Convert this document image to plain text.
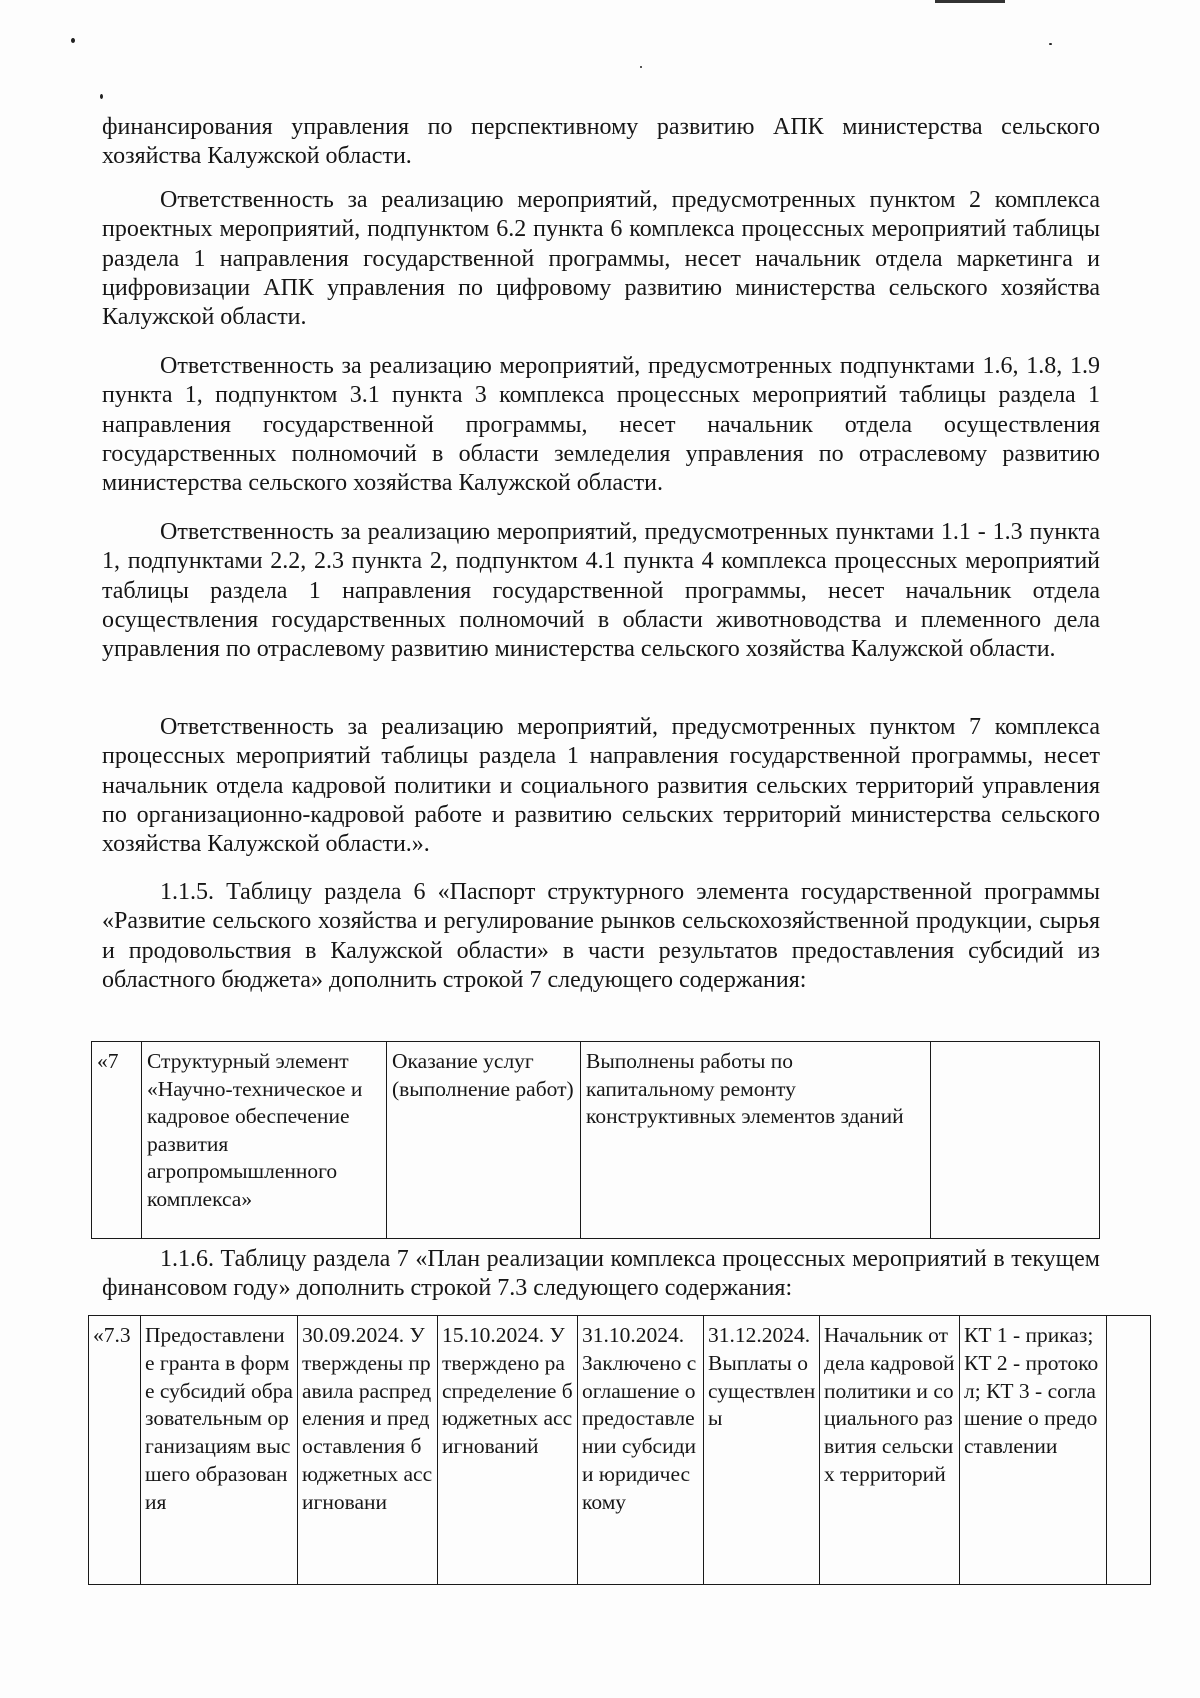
финансирования управления по перспективному развитию АПК министерства сельского хозяйства Калужской области.

Ответственность за реализацию мероприятий, предусмотренных пунктом 2 комплекса проектных мероприятий, подпунктом 6.2 пункта 6 комплекса процессных мероприятий таблицы раздела 1 направления государственной программы, несет начальник отдела маркетинга и цифровизации АПК управления по цифровому развитию министерства сельского хозяйства Калужской области.

Ответственность за реализацию мероприятий, предусмотренных подпунктами 1.6, 1.8, 1.9 пункта 1, подпунктом 3.1 пункта 3 комплекса процессных мероприятий таблицы раздела 1 направления государственной программы, несет начальник отдела осуществления государственных полномочий в области земледелия управления по отраслевому развитию министерства сельского хозяйства Калужской области.

Ответственность за реализацию мероприятий, предусмотренных пунктами 1.1 - 1.3 пункта 1, подпунктами 2.2, 2.3 пункта 2, подпунктом 4.1 пункта 4 комплекса процессных мероприятий таблицы раздела 1 направления государственной программы, несет начальник отдела осуществления государственных полномочий в области животноводства и племенного дела управления по отраслевому развитию министерства сельского хозяйства Калужской области.

Ответственность за реализацию мероприятий, предусмотренных пунктом 7 комплекса процессных мероприятий таблицы раздела 1 направления государственной программы, несет начальник отдела кадровой политики и социального развития сельских территорий управления по организационно-кадровой работе и развитию сельских территорий министерства сельского хозяйства Калужской области.».

1.1.5. Таблицу раздела 6 «Паспорт структурного элемента государственной программы «Развитие сельского хозяйства и регулирование рынков сельскохозяйственной продукции, сырья и продовольствия в Калужской области» в части результатов предоставления субсидий из областного бюджета» дополнить строкой 7 следующего содержания:

«7	Структурный элемент «Научно-техническое и кадровое обеспечение развития агропромышленного комплекса»	Оказание услуг (выполнение работ)	Выполнены работы по капитальному ремонту конструктивных элементов зданий	

1.1.6. Таблицу раздела 7 «План реализации комплекса процессных мероприятий в текущем финансовом году» дополнить строкой 7.3 следующего содержания:

«7.3	Предоставление гранта в форме субсидий образовательным организациям высшего образования	30.09.2024. Утверждены правила распределения и предоставления бюджетных ассигновани	15.10.2024. Утверждено распределение бюджетных ассигнований	31.10.2024. Заключено соглашение о предоставлении субсидии юридическому	31.12.2024. Выплаты осуществлены	Начальник отдела кадровой политики и социального развития сельских территорий	КТ 1 - приказ; КТ 2 - протокол; КТ 3 - соглашение о предоставлении	
